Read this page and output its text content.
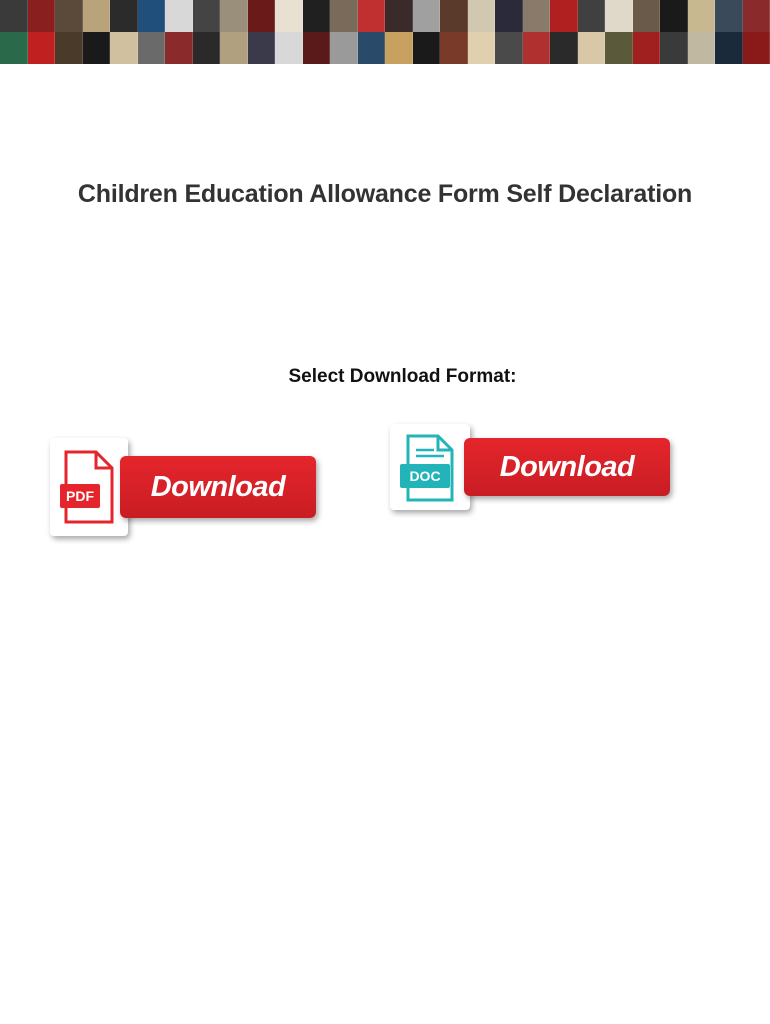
Children Education Allowance Form Self Declaration
Select Download Format:
PDF	Download	DOC	Download
